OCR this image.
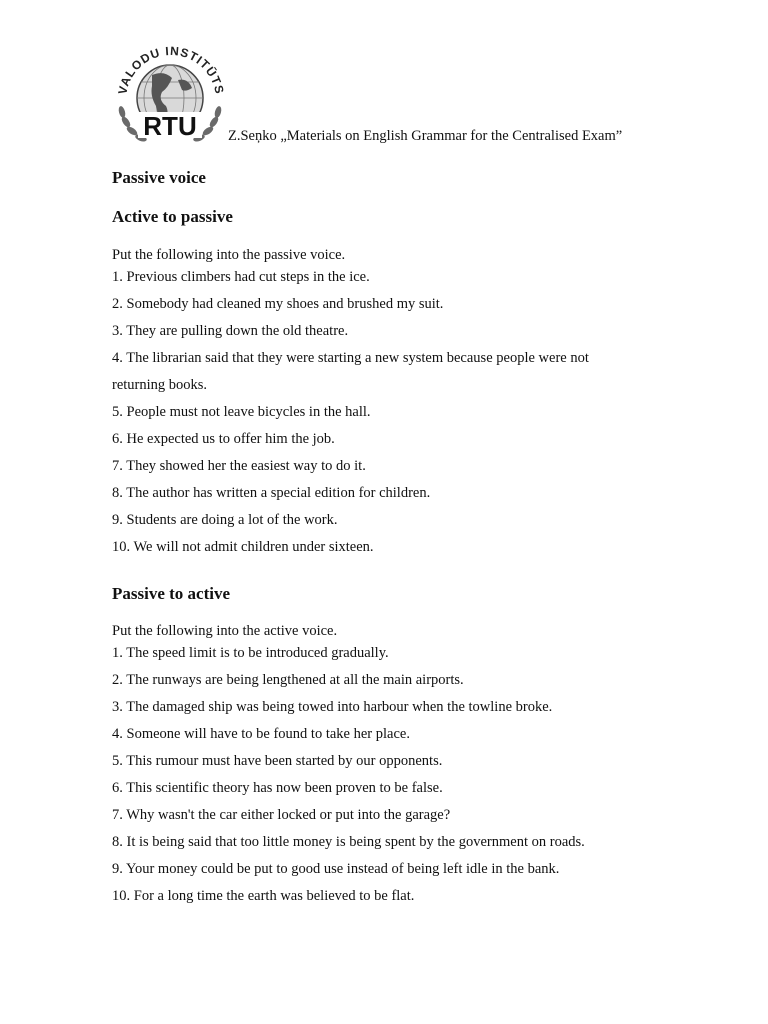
VALODU INSTITŪTS
RTU Z.Seņko „Materials on English Grammar for the Centralised Exam”
Passive voice
Active to passive

Put the following into the passive voice.

1. Previous climbers had cut steps in the ice.
2. Somebody had cleaned my shoes and brushed my suit.
3. They are pulling down the old theatre.
4. The librarian said that they were starting a new system because people were not
returning books.
5. People must not leave bicycles in the hall.
6. He expected us to offer him the job.
7. They showed her the easiest way to do it.
8. The author has written a special edition for children.
9. Students are doing a lot of the work.
10. We will not admit children under sixteen.
Passive to active

Put the following into the active voice.

1. The speed limit is to be introduced gradually.
2. The runways are being lengthened at all the main airports.
3. The damaged ship was being towed into harbour when the towline broke.
4. Someone will have to be found to take her place.
5. This rumour must have been started by our opponents.
6. This scientific theory has now been proven to be false.
7. Why wasn't the car either locked or put into the garage?
8. It is being said that too little money is being spent by the government on roads.
9. Your money could be put to good use instead of being left idle in the bank.
10. For a long time the earth was believed to be flat.
